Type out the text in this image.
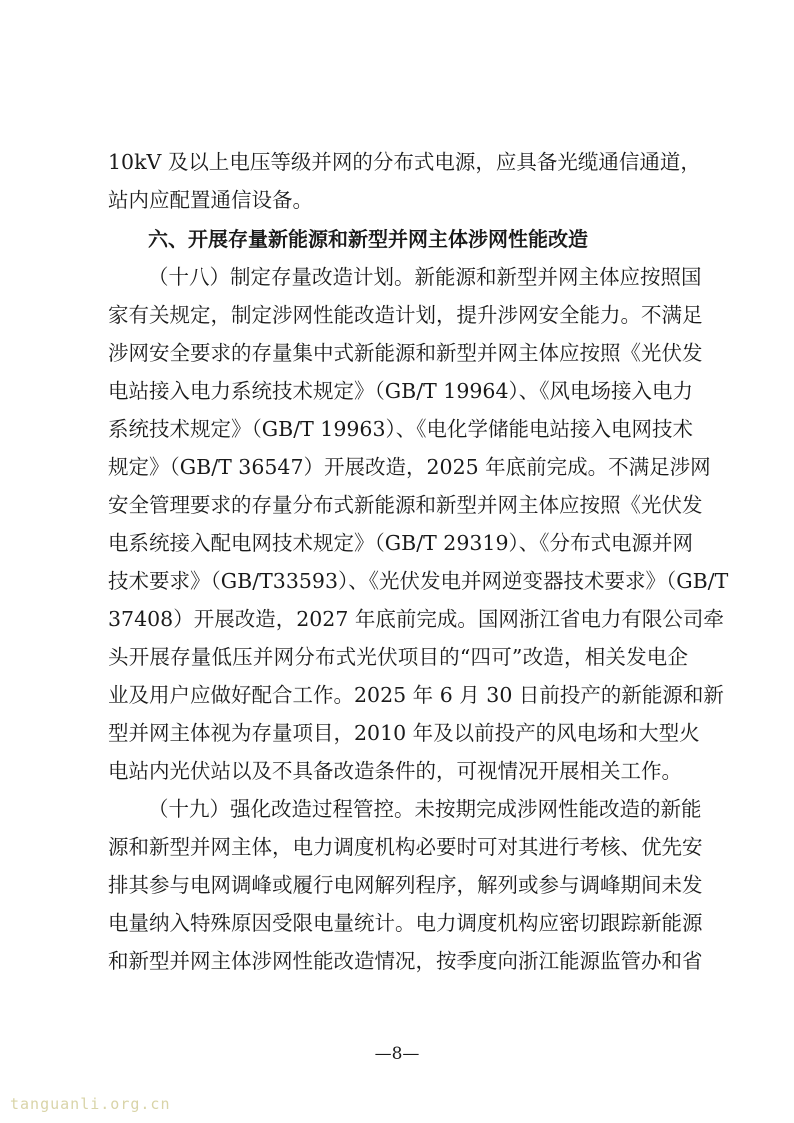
10kV 及以上电压等级并网的分布式电源，应具备光缆通信通道，
站内应配置通信设备。
六、开展存量新能源和新型并网主体涉网性能改造
（十八）制定存量改造计划。新能源和新型并网主体应按照国
家有关规定，制定涉网性能改造计划，提升涉网安全能力。不满足
涉网安全要求的存量集中式新能源和新型并网主体应按照《光伏发
电站接入电力系统技术规定》（GB/T 19964）、《风电场接入电力
系统技术规定》（GB/T 19963）、《电化学储能电站接入电网技术
规定》（GB/T 36547）开展改造，2025 年底前完成。不满足涉网
安全管理要求的存量分布式新能源和新型并网主体应按照《光伏发
电系统接入配电网技术规定》（GB/T 29319）、《分布式电源并网
技术要求》（GB/T33593）、《光伏发电并网逆变器技术要求》（GB/T
37408）开展改造，2027 年底前完成。国网浙江省电力有限公司牵
头开展存量低压并网分布式光伏项目的“四可”改造，相关发电企
业及用户应做好配合工作。2025 年 6 月 30 日前投产的新能源和新
型并网主体视为存量项目，2010 年及以前投产的风电场和大型火
电站内光伏站以及不具备改造条件的，可视情况开展相关工作。
（十九）强化改造过程管控。未按期完成涉网性能改造的新能
源和新型并网主体，电力调度机构必要时可对其进行考核、优先安
排其参与电网调峰或履行电网解列程序，解列或参与调峰期间未发
电量纳入特殊原因受限电量统计。电力调度机构应密切跟踪新能源
和新型并网主体涉网性能改造情况，按季度向浙江能源监管办和省
—8—
tanguanli.org.cn
